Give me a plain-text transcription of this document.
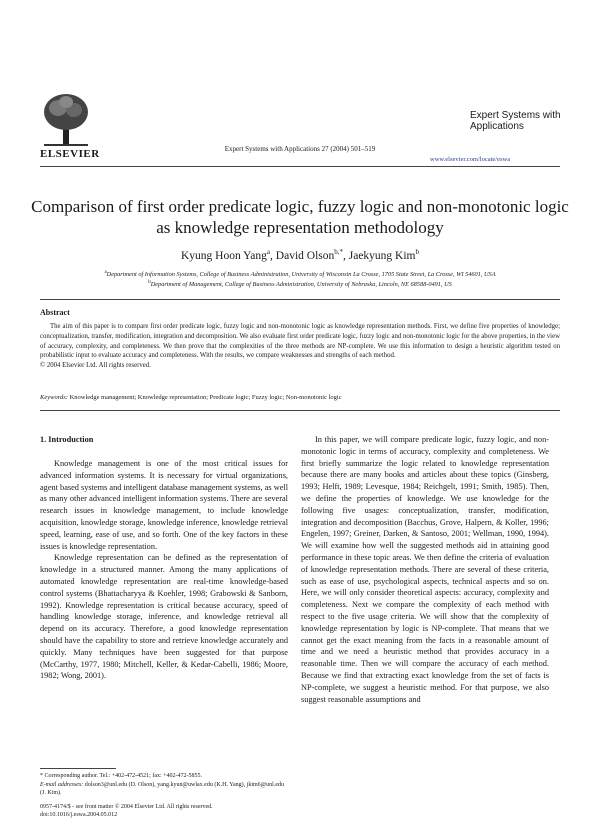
ELSEVIER	Expert Systems with Applications 27 (2004) 501–519
Expert Systems with Applications
www.elsevier.com/locate/eswa
Comparison of first order predicate logic, fuzzy logic and non-monotonic logic as knowledge representation methodology
Kyung Hoon Yang$^a$, David Olson$^{b,*}$, Jaekyung Kim$^b$
$^a$Department of Information Systems, College of Business Administration, University of Wisconsin La Crosse, 1705 State Street, La Crosse, WI 54601, USA
$^b$Department of Management, College of Business Administration, University of Nebraska, Lincoln, NE 68588-0491, US
Abstract

The aim of this paper is to compare first order predicate logic, fuzzy logic and non-monotonic logic as knowledge representation methods. First, we define five properties of knowledge; conceptualization, transfer, modification, integration and decomposition. We also evaluate first order predicate logic, fuzzy logic and non-monotonic logic for the above properties, in the view of accuracy, complexity, and completeness. We then prove that the complexities of the three methods are NP-complete. We use this information to design a heuristic algorithm tested on probabilistic input to evaluate accuracy and completeness. With the results, we compare weaknesses and strengths of each method.

© 2004 Elsevier Ltd. All rights reserved.
Keywords: Knowledge management; Knowledge representation; Predicate logic; Fuzzy logic; Non-monotonic logic
1. Introduction

Knowledge management is one of the most critical issues for advanced information systems. It is necessary for virtual organizations, agent based systems and intelligent database management systems, as well as many other advanced intelligent information systems. There are several research issues in knowledge management, to include knowledge acquisition, knowledge storage, knowledge inference, knowledge retrieval speed, learning, ease of use, and so forth. One of the key factors in these issues is knowledge representation.

Knowledge representation can be defined as the representation of knowledge in a structured manner. Among the many applications of automated knowledge representation are real-time knowledge-based control systems (Bhattacharyya & Koehler, 1998; Grabowski & Sanborn, 1992). Knowledge representation is critical because accuracy, speed of handling knowledge storage, inference, and knowledge retrieval all depend on its accuracy. Therefore, a good knowledge representation should have the capability to store and retrieve knowledge accurately and quickly. Many techniques have been suggested for that purpose (McCarthy, 1977, 1980; Mitchell, Keller, & Kedar-Cabelli, 1986; Moore, 1982; Wong, 2001).

In this paper, we will compare predicate logic, fuzzy logic, and non-monotonic logic in terms of accuracy, complexity and completeness. We first briefly summarize the logic related to knowledge representation because there are many books and articles about these topics (Ginsberg, 1993; Helft, 1989; Levesque, 1984; Reichgelt, 1991; Smith, 1985). Then, we define the properties of knowledge. We use knowledge for the following five usages: conceptualization, transfer, modification, integration and decomposition (Bacchus, Grove, Halpern, & Koller, 1996; Engelen, 1997; Greiner, Darken, & Santoso, 2001; Wellman, 1990, 1994). We will examine how well the suggested methods aid in attaining good performance in these topic areas. We then define the criteria of evaluation of knowledge representation methods. There are several of these criteria, such as ease of use, psychological aspects, technical aspects and so on. Here, we will only consider theoretical aspects: accuracy, complexity and completeness. Next we compare the complexity of each method with respect to the five usage criteria. We will show that the complexity of knowledge representation by logic is NP-complete. That means that we cannot get the exact meaning from the facts in a reasonable amount of time and we need a heuristic method that provides accuracy in a reasonable time. Then we will compare the accuracy of each method. Because we find that extracting exact knowledge from the set of facts is NP-complete, we suggest a heuristic method. For that purpose, we also suggest reasonable assumptions and

* Corresponding author. Tel.: +402-472-4521; fax: +402-472-5855.
E-mail addresses: dolson3@unl.edu (D. Olson), yang.kyun@uwlax.edu (K.H. Yang), jkim6@unl.edu (J. Kim).
0957-4174/$ - see front matter © 2004 Elsevier Ltd. All rights reserved.
doi:10.1016/j.eswa.2004.05.012
